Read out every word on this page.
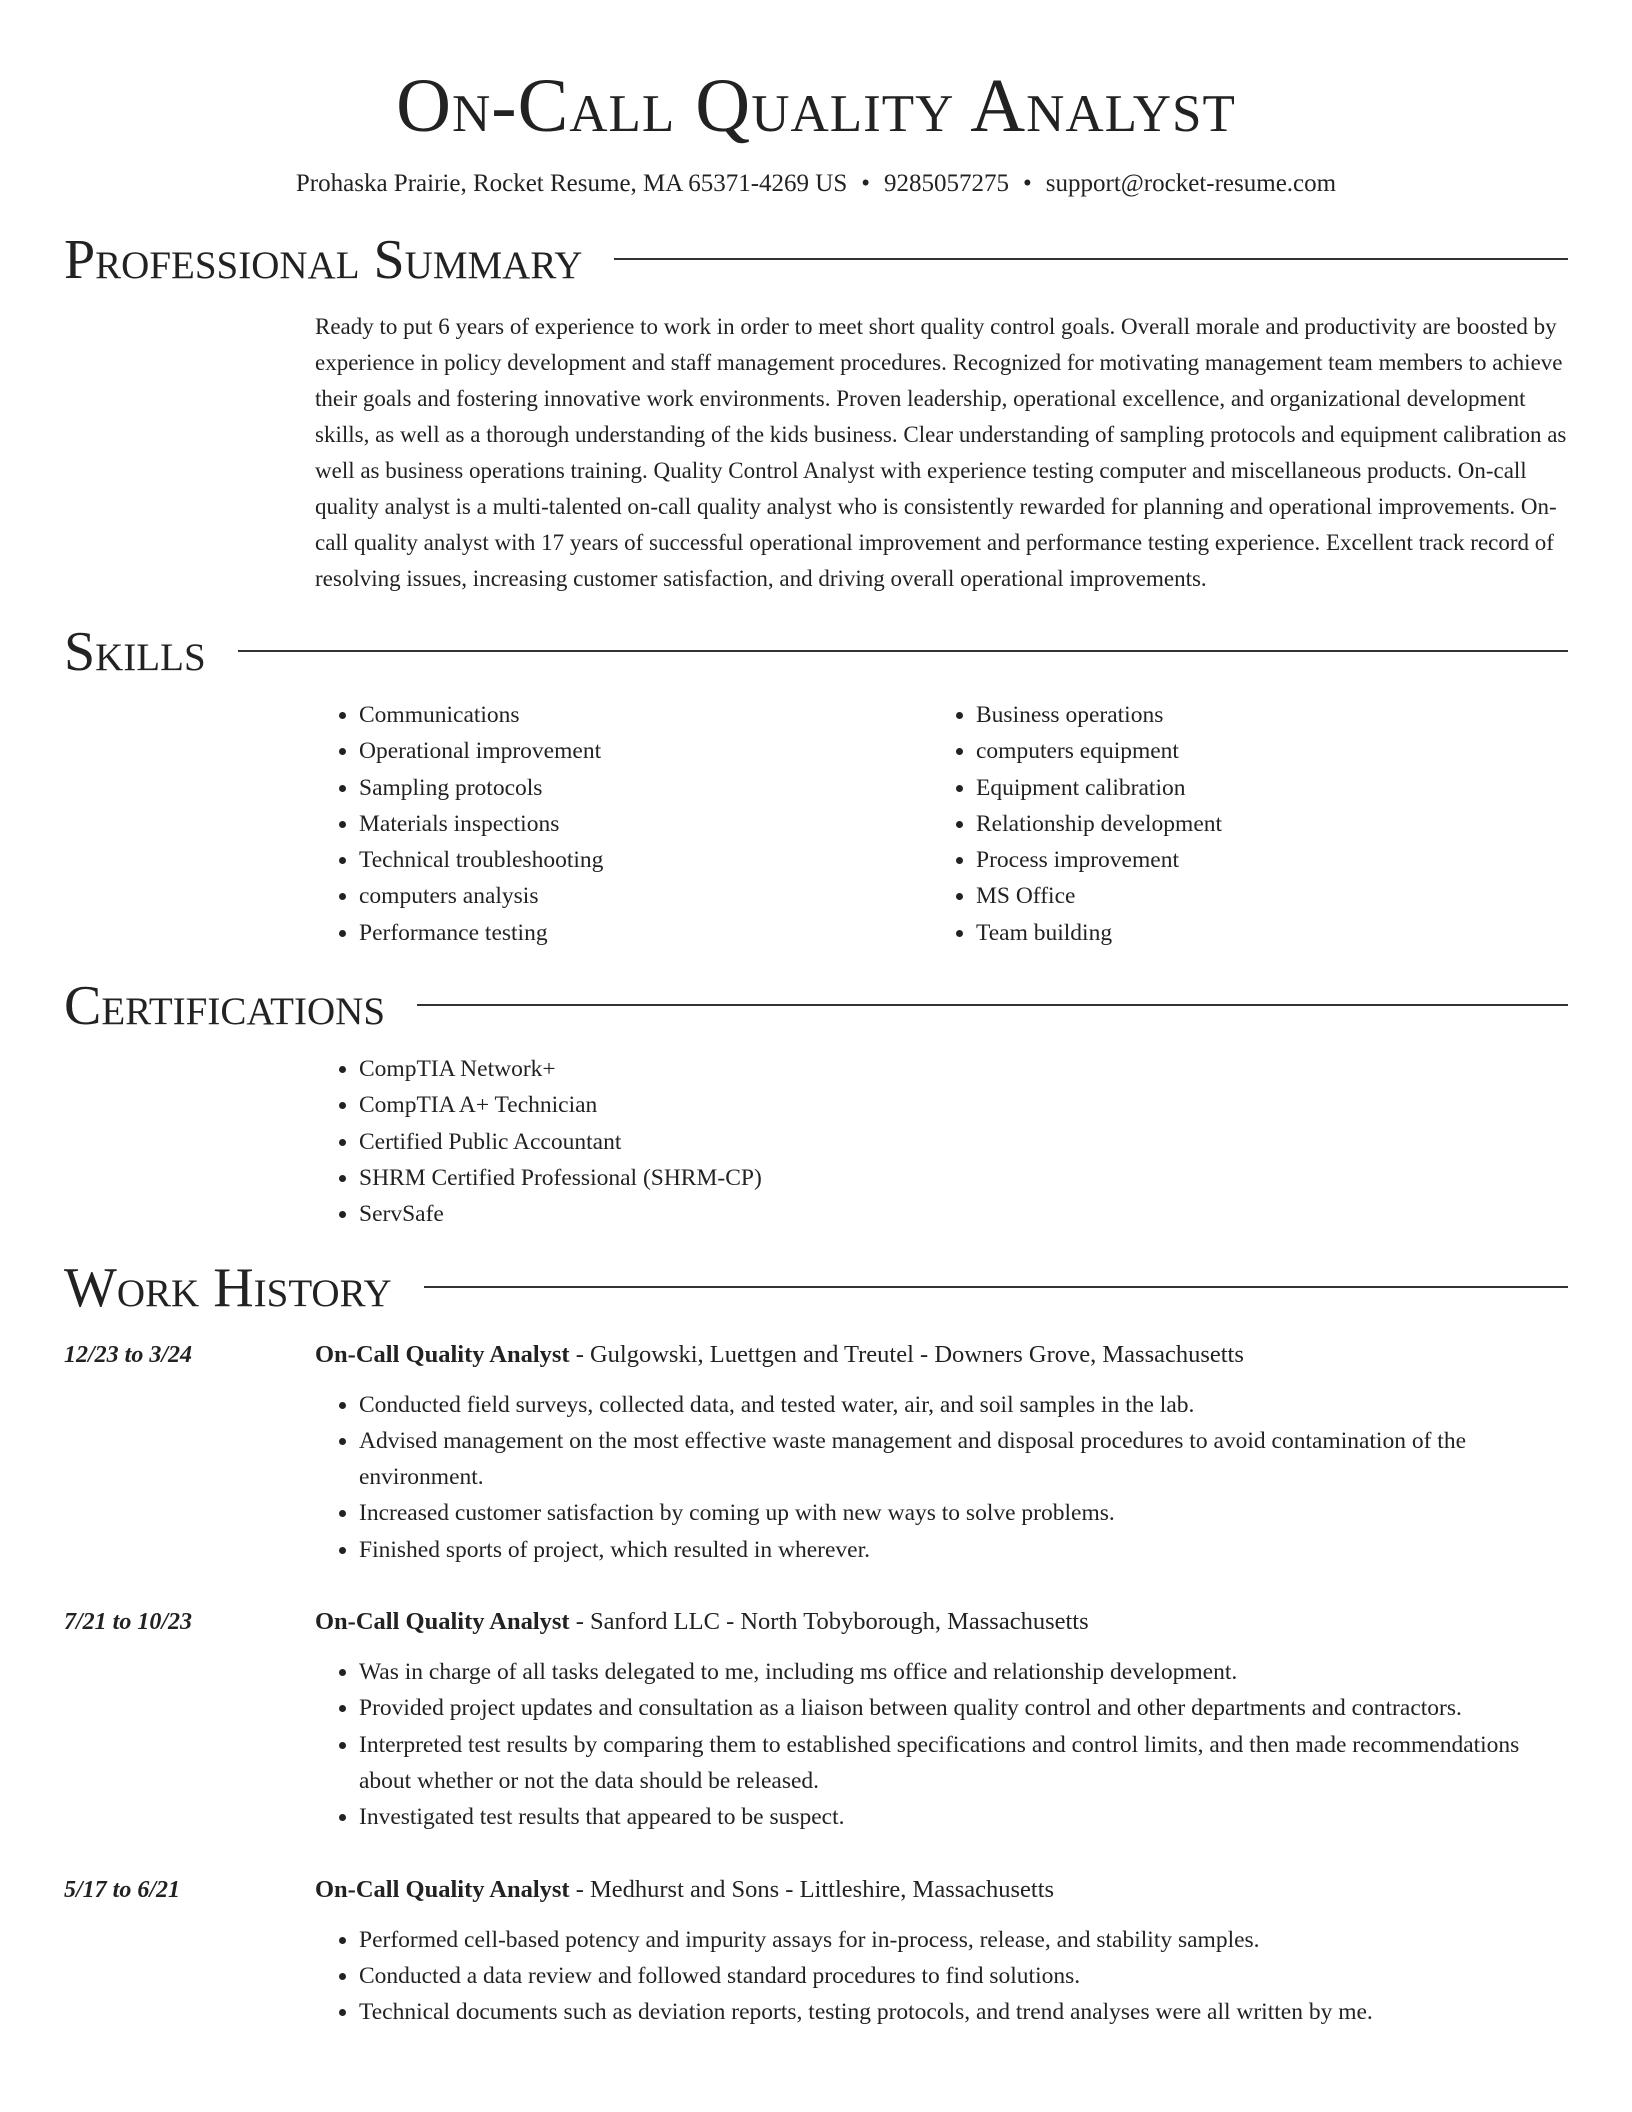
On-Call Quality Analyst
Prohaska Prairie, Rocket Resume, MA 65371-4269 US • 9285057275 • support@rocket-resume.com
Professional Summary

Ready to put 6 years of experience to work in order to meet short quality control goals. Overall morale and productivity are boosted by experience in policy development and staff management procedures. Recognized for motivating management team members to achieve their goals and fostering innovative work environments. Proven leadership, operational excellence, and organizational development skills, as well as a thorough understanding of the kids business. Clear understanding of sampling protocols and equipment calibration as well as business operations training. Quality Control Analyst with experience testing computer and miscellaneous products. On-call quality analyst is a multi-talented on-call quality analyst who is consistently rewarded for planning and operational improvements. On-call quality analyst with 17 years of successful operational improvement and performance testing experience. Excellent track record of resolving issues, increasing customer satisfaction, and driving overall operational improvements.

Skills
• Communications
• Operational improvement
• Sampling protocols
• Materials inspections
• Technical troubleshooting
• computers analysis
• Performance testing
• Business operations
• computers equipment
• Equipment calibration
• Relationship development
• Process improvement
• MS Office
• Team building
Certifications
• CompTIA Network+
• CompTIA A+ Technician
• Certified Public Accountant
• SHRM Certified Professional (SHRM-CP)
• ServSafe
Work History
12/23 to 3/24	On-Call Quality Analyst - Gulgowski, Luettgen and Treutel - Downers Grove, Massachusetts
• Conducted field surveys, collected data, and tested water, air, and soil samples in the lab.
• Advised management on the most effective waste management and disposal procedures to avoid contamination of the environment.
• Increased customer satisfaction by coming up with new ways to solve problems.
• Finished sports of project, which resulted in wherever.
7/21 to 10/23	On-Call Quality Analyst - Sanford LLC - North Tobyborough, Massachusetts
• Was in charge of all tasks delegated to me, including ms office and relationship development.
• Provided project updates and consultation as a liaison between quality control and other departments and contractors.
• Interpreted test results by comparing them to established specifications and control limits, and then made recommendations about whether or not the data should be released.
• Investigated test results that appeared to be suspect.
5/17 to 6/21	On-Call Quality Analyst - Medhurst and Sons - Littleshire, Massachusetts
• Performed cell-based potency and impurity assays for in-process, release, and stability samples.
• Conducted a data review and followed standard procedures to find solutions.
• Technical documents such as deviation reports, testing protocols, and trend analyses were all written by me.
